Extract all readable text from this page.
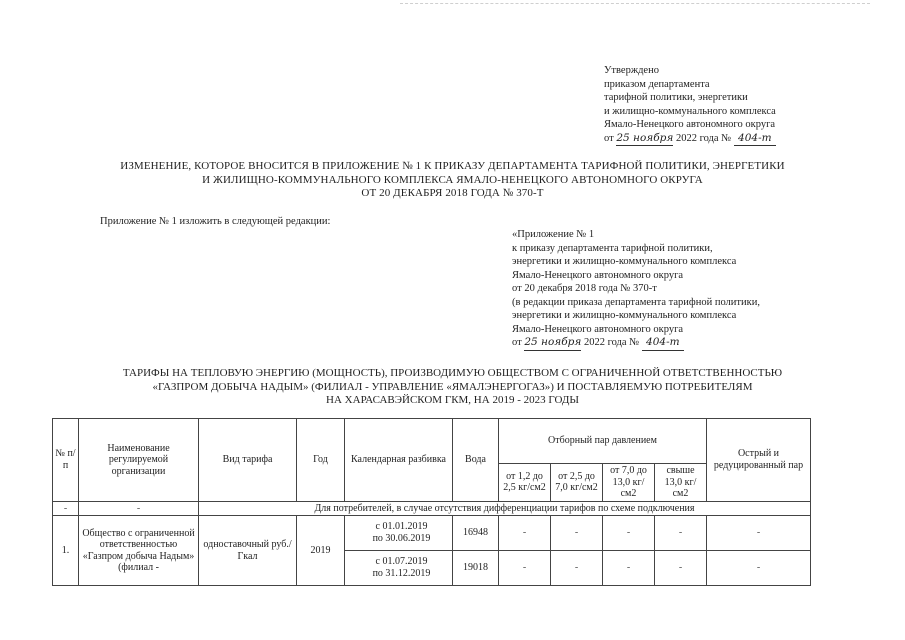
Утверждено
приказом департамента
тарифной политики, энергетики
и жилищно-коммунального комплекса
Ямало-Ненецкого автономного округа
от 25 ноября 2022 года № 404-т
ИЗМЕНЕНИЕ, КОТОРОЕ ВНОСИТСЯ В ПРИЛОЖЕНИЕ № 1 К ПРИКАЗУ ДЕПАРТАМЕНТА ТАРИФНОЙ ПОЛИТИКИ, ЭНЕРГЕТИКИ
И ЖИЛИЩНО-КОММУНАЛЬНОГО КОМПЛЕКСА ЯМАЛО-НЕНЕЦКОГО АВТОНОМНОГО ОКРУГА
ОТ 20 ДЕКАБРЯ 2018 ГОДА № 370-Т
Приложение № 1 изложить в следующей редакции:
«Приложение № 1
к приказу департамента тарифной политики,
энергетики и жилищно-коммунального комплекса
Ямало-Ненецкого автономного округа
от 20 декабря 2018 года № 370-т
(в редакции приказа департамента тарифной политики,
энергетики и жилищно-коммунального комплекса
Ямало-Ненецкого автономного округа
от 25 ноября 2022 года № 404-т
ТАРИФЫ НА ТЕПЛОВУЮ ЭНЕРГИЮ (МОЩНОСТЬ), ПРОИЗВОДИМУЮ ОБЩЕСТВОМ С ОГРАНИЧЕННОЙ ОТВЕТСТВЕННОСТЬЮ
«ГАЗПРОМ ДОБЫЧА НАДЫМ» (ФИЛИАЛ - УПРАВЛЕНИЕ «ЯМАЛЭНЕРГОГАЗ») И ПОСТАВЛЯЕМУЮ ПОТРЕБИТЕЛЯМ
НА ХАРАСАВЭЙСКОМ ГКМ, НА 2019 - 2023 ГОДЫ
№ п/п	Наименование регулируемой организации	Вид тарифа	Год	Календарная разбивка	Вода	Отборный пар давлением				Острый и редуцированный пар
						от 1,2 до 2,5 кг/см2	от 2,5 до 7,0 кг/см2	от 7,0 до 13,0 кг/см2	свыше 13,0 кг/см2	
-	-	Для потребителей, в случае отсутствия дифференциации тарифов по схеме подключения								
1.	Общество с ограниченной ответственностью «Газпром добыча Надым» (филиал -	одноставочный руб./Гкал	2019	с 01.01.2019
по 30.06.2019	16948	-	-	-	-	-

				с 01.07.2019
по 31.12.2019	19018	-	-	-	-	-
